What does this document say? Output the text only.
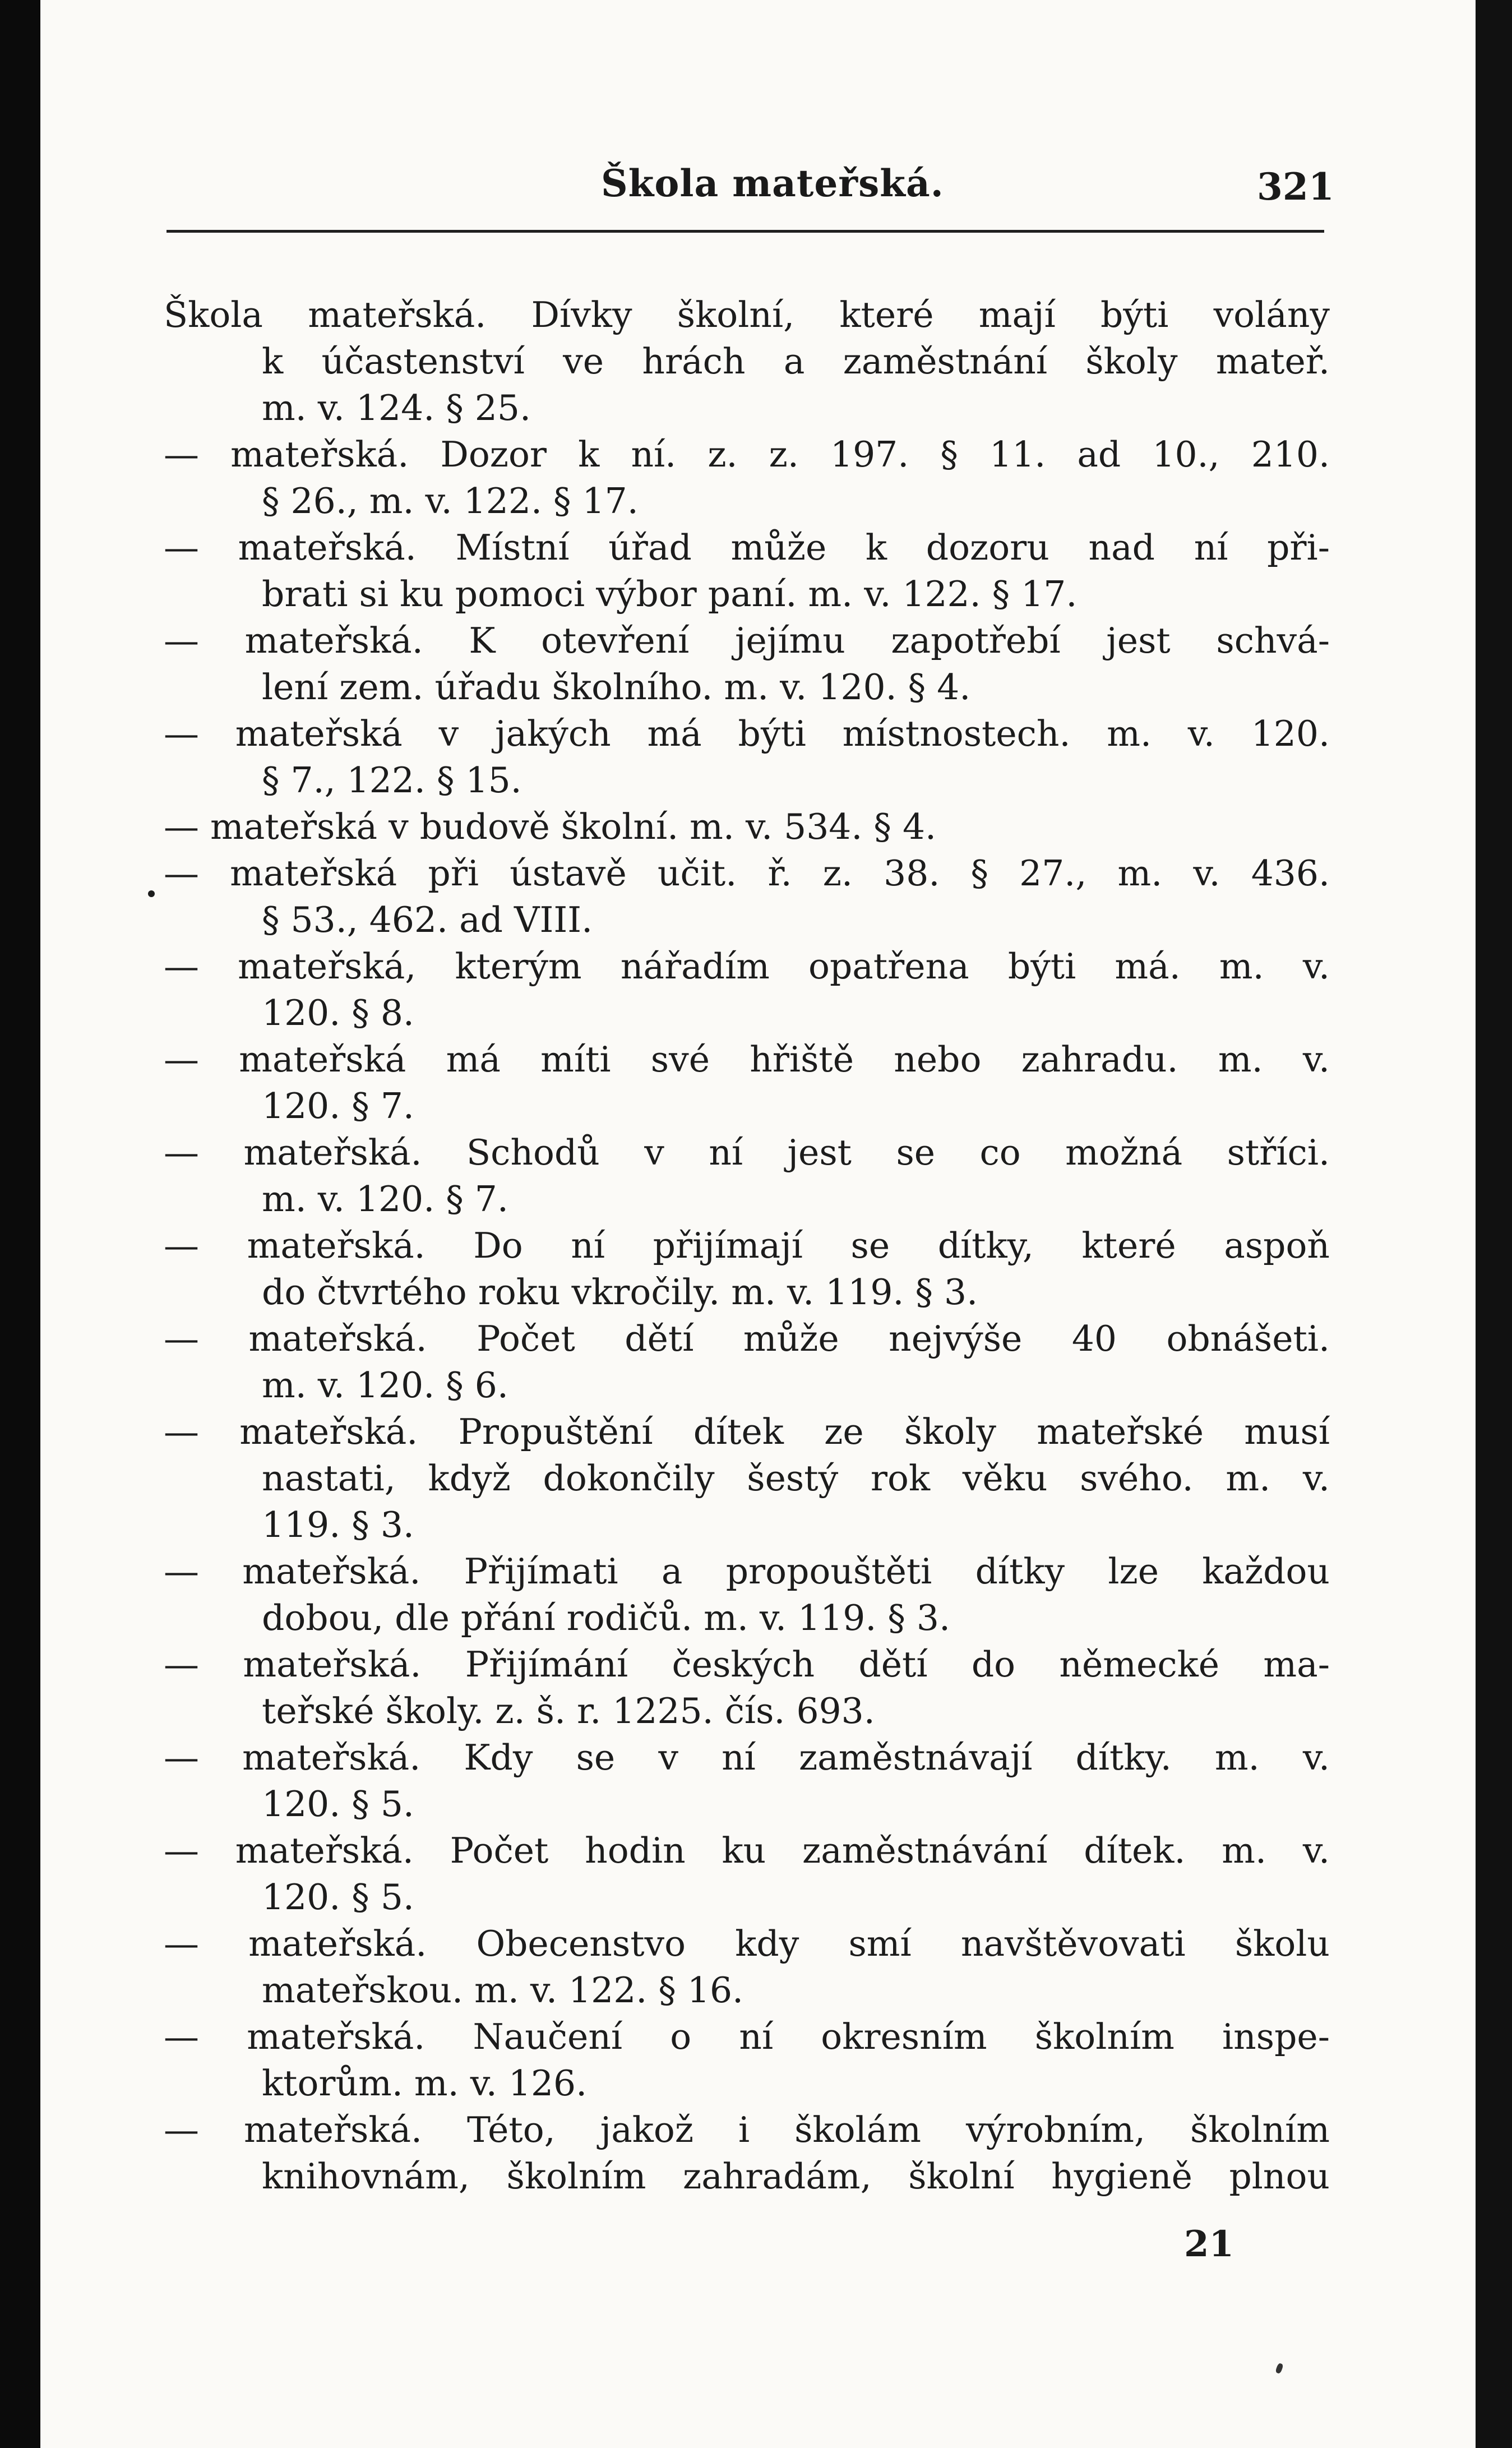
Škola mateřská.	321
Škola mateřská. Dívky školní, které mají býti volány
k účastenství ve hrách a zaměstnání školy mateř.
m. v. 124. § 25.
— mateřská. Dozor k ní. z. z. 197. § 11. ad 10., 210.
§ 26., m. v. 122. § 17.
— mateřská. Místní úřad může k dozoru nad ní při-
brati si ku pomoci výbor paní. m. v. 122. § 17.
— mateřská. K otevření jejímu zapotřebí jest schvá-
lení zem. úřadu školního. m. v. 120. § 4.
— mateřská v jakých má býti místnostech. m. v. 120.
§ 7., 122. § 15.
— mateřská v budově školní. m. v. 534. § 4.
— mateřská při ústavě učit. ř. z. 38. § 27., m. v. 436.
§ 53., 462. ad VIII.
— mateřská, kterým nářadím opatřena býti má. m. v.
120. § 8.
— mateřská má míti své hřiště nebo zahradu. m. v.
120. § 7.
— mateřská. Schodů v ní jest se co možná stříci.
m. v. 120. § 7.
— mateřská. Do ní přijímají se dítky, které aspoň
do čtvrtého roku vkročily. m. v. 119. § 3.
— mateřská. Počet dětí může nejvýše 40 obnášeti.
m. v. 120. § 6.
— mateřská. Propuštění dítek ze školy mateřské musí
nastati, když dokončily šestý rok věku svého. m. v.
119. § 3.
— mateřská. Přijímati a propouštěti dítky lze každou
dobou, dle přání rodičů. m. v. 119. § 3.
— mateřská. Přijímání českých dětí do německé ma-
teřské školy. z. š. r. 1225. čís. 693.
— mateřská. Kdy se v ní zaměstnávají dítky. m. v.
120. § 5.
— mateřská. Počet hodin ku zaměstnávání dítek. m. v.
120. § 5.
— mateřská. Obecenstvo kdy smí navštěvovati školu
mateřskou. m. v. 122. § 16.
— mateřská. Naučení o ní okresním školním inspe-
ktorům. m. v. 126.
— mateřská. Této, jakož i školám výrobním, školním
knihovnám, školním zahradám, školní hygieně plnou
21
